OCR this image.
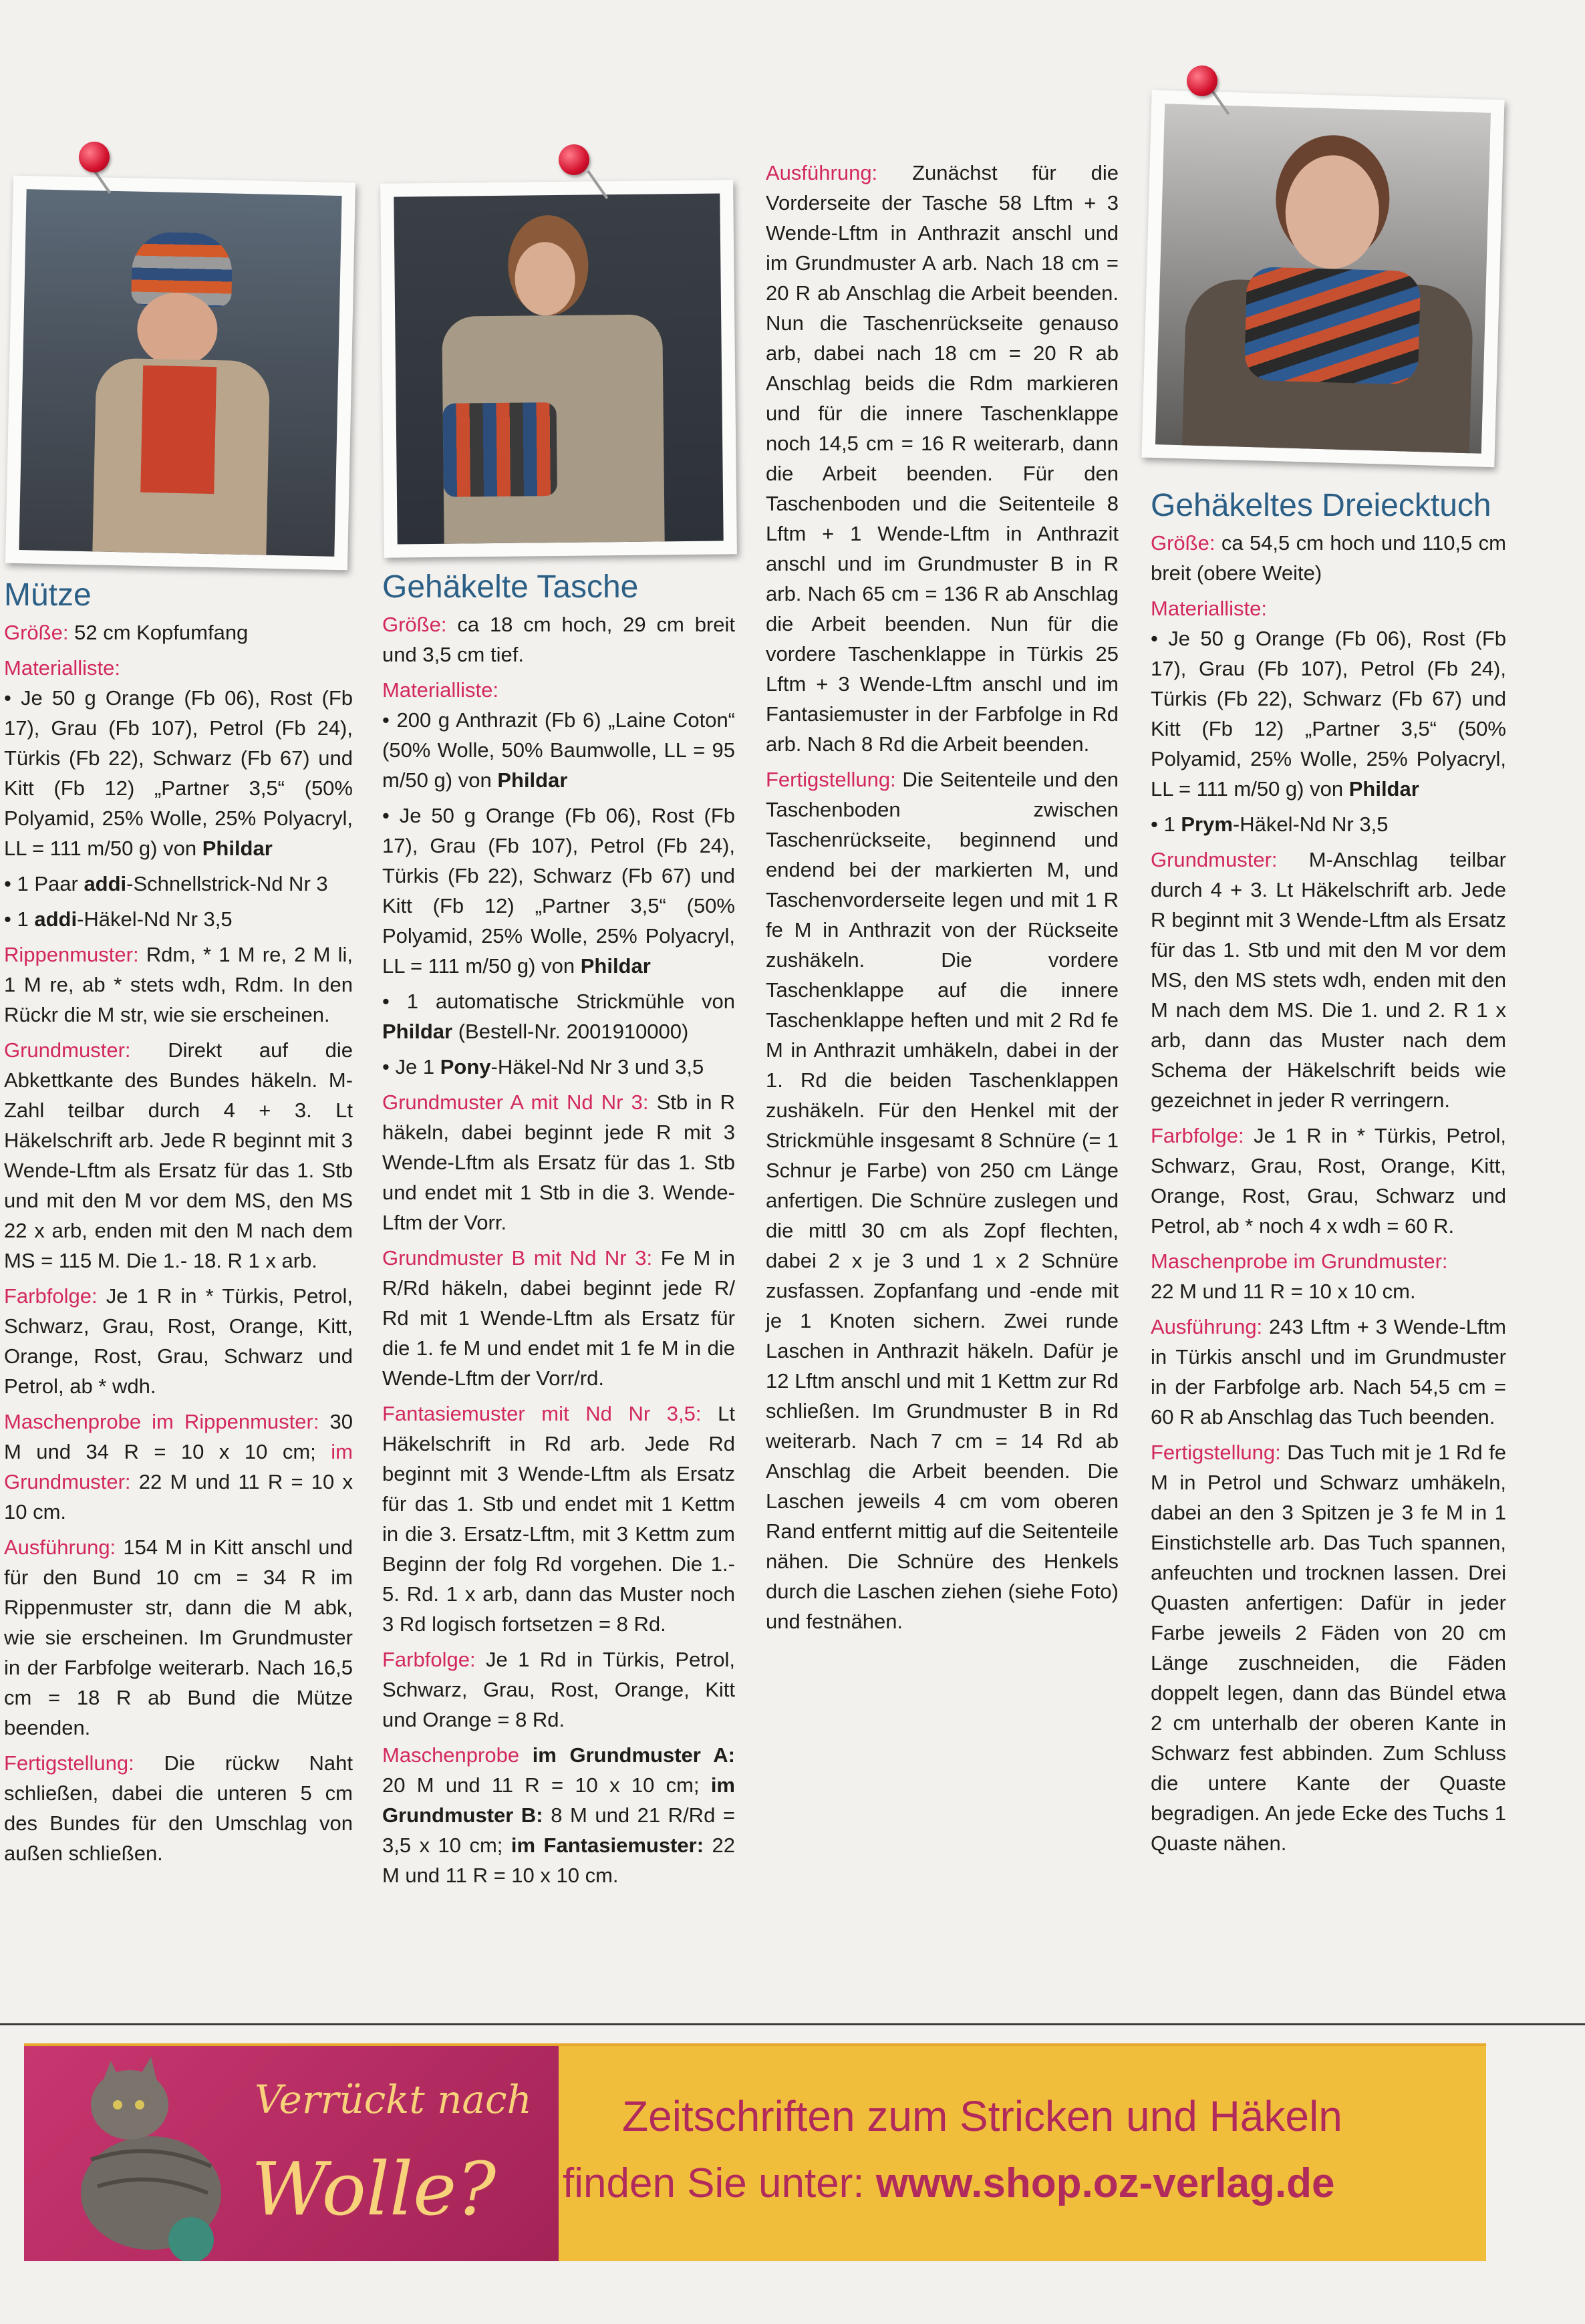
Mütze

Größe: 52 cm Kopfumfang

Materialliste:

• Je 50 g Orange (Fb 06), Rost (Fb 17), Grau (Fb 107), Petrol (Fb 24), Türkis (Fb 22), Schwarz (Fb 67) und Kitt (Fb 12) „Partner 3,5“ (50% Polyamid, 25% Wolle, 25% Polyacryl, LL = 111 m/50 g) von Phildar

• 1 Paar addi-Schnellstrick-Nd Nr 3

• 1 addi-Häkel-Nd Nr 3,5

Rippenmuster: Rdm, * 1 M re, 2 M li, 1 M re, ab * stets wdh, Rdm. In den Rückr die M str, wie sie erscheinen.

Grundmuster: Direkt auf die Abkettkante des Bundes häkeln. M-Zahl teilbar durch 4 + 3. Lt Häkelschrift arb. Jede R beginnt mit 3 Wende-Lftm als Ersatz für das 1. Stb und mit den M vor dem MS, den MS 22 x arb, enden mit den M nach dem MS = 115 M. Die 1.- 18. R 1 x arb.

Farbfolge: Je 1 R in * Türkis, Petrol, Schwarz, Grau, Rost, Orange, Kitt, Orange, Rost, Grau, Schwarz und Petrol, ab * wdh.

Maschenprobe im Rippenmuster: 30 M und 34 R = 10 x 10 cm; im Grundmuster: 22 M und 11 R = 10 x 10 cm.

Ausführung: 154 M in Kitt anschl und für den Bund 10 cm = 34 R im Rippenmuster str, dann die M abk, wie sie erscheinen. Im Grundmuster in der Farbfolge weiterarb. Nach 16,5 cm = 18 R ab Bund die Mütze beenden.

Fertigstellung: Die rückw Naht schließen, dabei die unteren 5 cm des Bundes für den Umschlag von außen schließen.

Gehäkelte Tasche

Größe: ca 18 cm hoch, 29 cm breit und 3,5 cm tief.

Materialliste:

• 200 g Anthrazit (Fb 6) „Laine Coton“ (50% Wolle, 50% Baumwolle, LL = 95 m/50 g) von Phildar

• Je 50 g Orange (Fb 06), Rost (Fb 17), Grau (Fb 107), Petrol (Fb 24), Türkis (Fb 22), Schwarz (Fb 67) und Kitt (Fb 12) „Partner 3,5“ (50% Polyamid, 25% Wolle, 25% Polyacryl, LL = 111 m/50 g) von Phildar

• 1 automatische Strickmühle von Phildar (Bestell-Nr. 2001910000)

• Je 1 Pony-Häkel-Nd Nr 3 und 3,5

Grundmuster A mit Nd Nr 3: Stb in R häkeln, dabei beginnt jede R mit 3 Wende-Lftm als Ersatz für das 1. Stb und endet mit 1 Stb in die 3. Wende-Lftm der Vorr.

Grundmuster B mit Nd Nr 3: Fe M in R/Rd häkeln, dabei beginnt jede R/ Rd mit 1 Wende-Lftm als Ersatz für die 1. fe M und endet mit 1 fe M in die Wende-Lftm der Vorr/rd.

Fantasiemuster mit Nd Nr 3,5: Lt Häkelschrift in Rd arb. Jede Rd beginnt mit 3 Wende-Lftm als Ersatz für das 1. Stb und endet mit 1 Kettm in die 3. Ersatz-Lftm, mit 3 Kettm zum Beginn der folg Rd vorgehen. Die 1.- 5. Rd. 1 x arb, dann das Muster noch 3 Rd logisch fortsetzen = 8 Rd.

Farbfolge: Je 1 Rd in Türkis, Petrol, Schwarz, Grau, Rost, Orange, Kitt und Orange = 8 Rd.

Maschenprobe im Grundmuster A: 20 M und 11 R = 10 x 10 cm; im Grundmuster B: 8 M und 21 R/Rd = 3,5 x 10 cm; im Fantasiemuster: 22 M und 11 R = 10 x 10 cm.

Ausführung: Zunächst für die Vorderseite der Tasche 58 Lftm + 3 Wende-Lftm in Anthrazit anschl und im Grundmuster A arb. Nach 18 cm = 20 R ab Anschlag die Arbeit beenden. Nun die Taschenrückseite genauso arb, dabei nach 18 cm = 20 R ab Anschlag beids die Rdm markieren und für die innere Taschenklappe noch 14,5 cm = 16 R weiterarb, dann die Arbeit beenden. Für den Taschenboden und die Seitenteile 8 Lftm + 1 Wende-Lftm in Anthrazit anschl und im Grundmuster B in R arb. Nach 65 cm = 136 R ab Anschlag die Arbeit beenden. Nun für die vordere Taschenklappe in Türkis 25 Lftm + 3 Wende-Lftm anschl und im Fantasiemuster in der Farbfolge in Rd arb. Nach 8 Rd die Arbeit beenden.

Fertigstellung: Die Seitenteile und den Taschenboden zwischen Taschenrückseite, beginnend und endend bei der markierten M, und Taschenvorderseite legen und mit 1 R fe M in Anthrazit von der Rückseite zushäkeln. Die vordere Taschenklappe auf die innere Taschenklappe heften und mit 2 Rd fe M in Anthrazit umhäkeln, dabei in der 1. Rd die beiden Taschenklappen zushäkeln. Für den Henkel mit der Strickmühle insgesamt 8 Schnüre (= 1 Schnur je Farbe) von 250 cm Länge anfertigen. Die Schnüre zuslegen und die mittl 30 cm als Zopf flechten, dabei 2 x je 3 und 1 x 2 Schnüre zusfassen. Zopfanfang und -ende mit je 1 Knoten sichern. Zwei runde Laschen in Anthrazit häkeln. Dafür je 12 Lftm anschl und mit 1 Kettm zur Rd schließen. Im Grundmuster B in Rd weiterarb. Nach 7 cm = 14 Rd ab Anschlag die Arbeit beenden. Die Laschen jeweils 4 cm vom oberen Rand entfernt mittig auf die Seitenteile nähen. Die Schnüre des Henkels durch die Laschen ziehen (siehe Foto) und festnähen.

Gehäkeltes Dreiecktuch

Größe: ca 54,5 cm hoch und 110,5 cm breit (obere Weite)

Materialliste:

• Je 50 g Orange (Fb 06), Rost (Fb 17), Grau (Fb 107), Petrol (Fb 24), Türkis (Fb 22), Schwarz (Fb 67) und Kitt (Fb 12) „Partner 3,5“ (50% Polyamid, 25% Wolle, 25% Polyacryl, LL = 111 m/50 g) von Phildar

• 1 Prym-Häkel-Nd Nr 3,5

Grundmuster: M-Anschlag teilbar durch 4 + 3. Lt Häkelschrift arb. Jede R beginnt mit 3 Wende-Lftm als Ersatz für das 1. Stb und mit den M vor dem MS, den MS stets wdh, enden mit den M nach dem MS. Die 1. und 2. R 1 x arb, dann das Muster nach dem Schema der Häkelschrift beids wie gezeichnet in jeder R verringern.

Farbfolge: Je 1 R in * Türkis, Petrol, Schwarz, Grau, Rost, Orange, Kitt, Orange, Rost, Grau, Schwarz und Petrol, ab * noch 4 x wdh = 60 R.

Maschenprobe im Grundmuster:
22 M und 11 R = 10 x 10 cm.

Ausführung: 243 Lftm + 3 Wende-Lftm in Türkis anschl und im Grundmuster in der Farbfolge arb. Nach 54,5 cm = 60 R ab Anschlag das Tuch beenden.

Fertigstellung: Das Tuch mit je 1 Rd fe M in Petrol und Schwarz umhäkeln, dabei an den 3 Spitzen je 3 fe M in 1 Einstichstelle arb. Das Tuch spannen, anfeuchten und trocknen lassen. Drei Quasten anfertigen: Dafür in jeder Farbe jeweils 2 Fäden von 20 cm Länge zuschneiden, die Fäden doppelt legen, dann das Bündel etwa 2 cm unterhalb der oberen Kante in Schwarz fest abbinden. Zum Schluss die untere Kante der Quaste begradigen. An jede Ecke des Tuchs 1 Quaste nähen.

Verrückt nach
Wolle?
Zeitschriften zum Stricken und Häkeln
finden Sie unter: www.shop.oz-verlag.de
